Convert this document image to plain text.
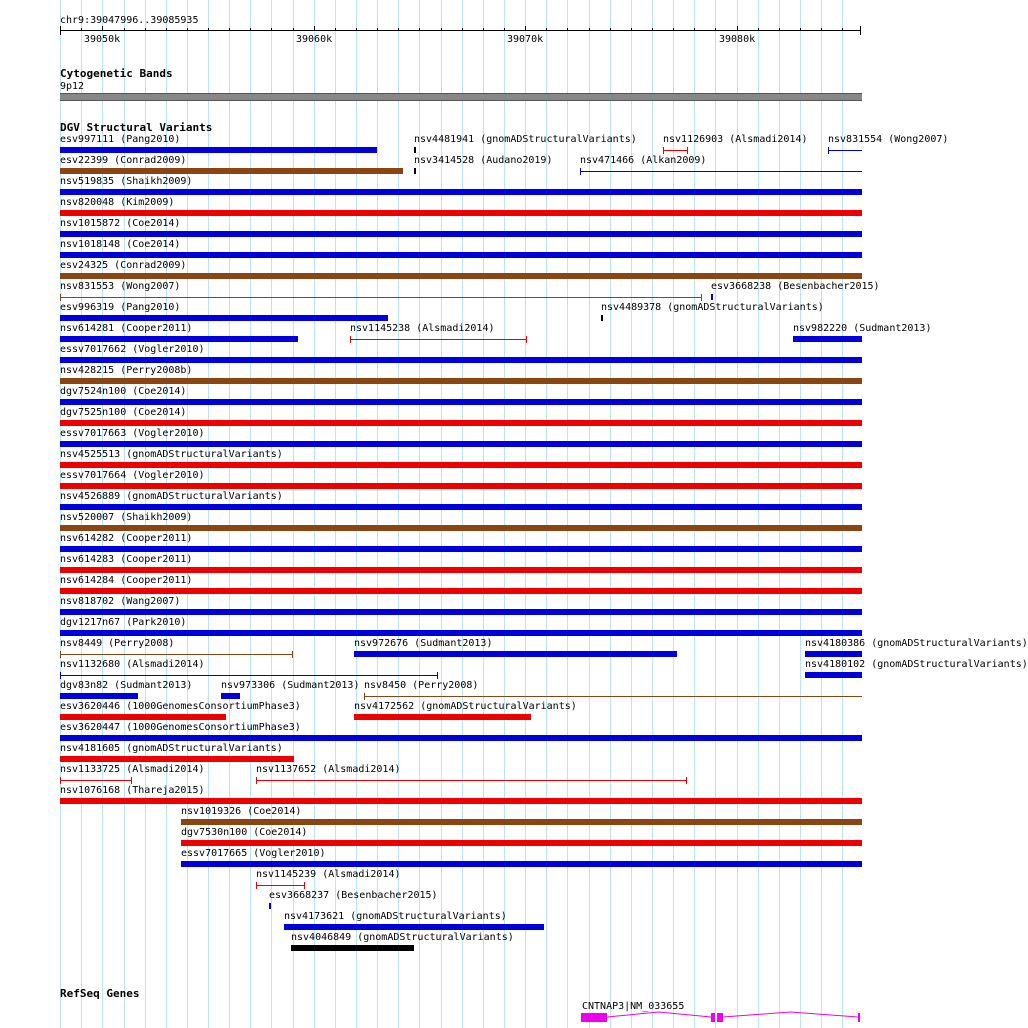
chr9:39047996..39085935
39050k	39060k	39070k	39080k
Cytogenetic Bands
9p12
DGV Structural Variants
esv997111 (Pang2010)	nsv4481941 (gnomADStructuralVariants)	nsv1126903 (Alsmadi2014) nsv831554 (Wong2007)
esv22399 (Conrad2009)	nsv3414528 (Audano2019)	nsv471466 (Alkan2009)
nsv519835 (Shaikh2009)
nsv820048 (Kim2009)
nsv1015872 (Coe2014)
nsv1018148 (Coe2014)
esv24325 (Conrad2009)
nsv831553 (Wong2007)	esv3668238 (Besenbacher2015)
esv996319 (Pang2010)	nsv4489378 (gnomADStructuralVariants)
nsv614281 (Cooper2011)	nsv1145238 (Alsmadi2014)	nsv982220 (Sudmant2013)
essv7017662 (Vogler2010)
nsv428215 (Perry2008b)
dgv7524n100 (Coe2014)
dgv7525n100 (Coe2014)
essv7017663 (Vogler2010)
nsv4525513 (gnomADStructuralVariants)
essv7017664 (Vogler2010)
nsv4526889 (gnomADStructuralVariants)
nsv520007 (Shaikh2009)
nsv614282 (Cooper2011)
nsv614283 (Cooper2011)
nsv614284 (Cooper2011)
nsv818702 (Wang2007)
dgv1217n67 (Park2010)
nsv8449 (Perry2008)	nsv972676 (Sudmant2013)	nsv4180386 (gnomADStructuralVariants)
nsv1132680 (Alsmadi2014)	nsv4180102 (gnomADStructuralVariants)
dgv83n82 (Sudmant2013)	nsv973306 (Sudmant2013) nsv8450 (Perry2008)
esv3620446 (1000GenomesConsortiumPhase3)	nsv4172562 (gnomADStructuralVariants)
esv3620447 (1000GenomesConsortiumPhase3)
nsv4181605 (gnomADStructuralVariants)
nsv1133725 (Alsmadi2014)	nsv1137652 (Alsmadi2014)
nsv1076168 (Thareja2015)
nsv1019326 (Coe2014)
dgv7530n100 (Coe2014)
essv7017665 (Vogler2010)
nsv1145239 (Alsmadi2014)
esv3668237 (Besenbacher2015)
nsv4173621 (gnomADStructuralVariants)
nsv4046849 (gnomADStructuralVariants)
RefSeq Genes
CNTNAP3|NM_033655
